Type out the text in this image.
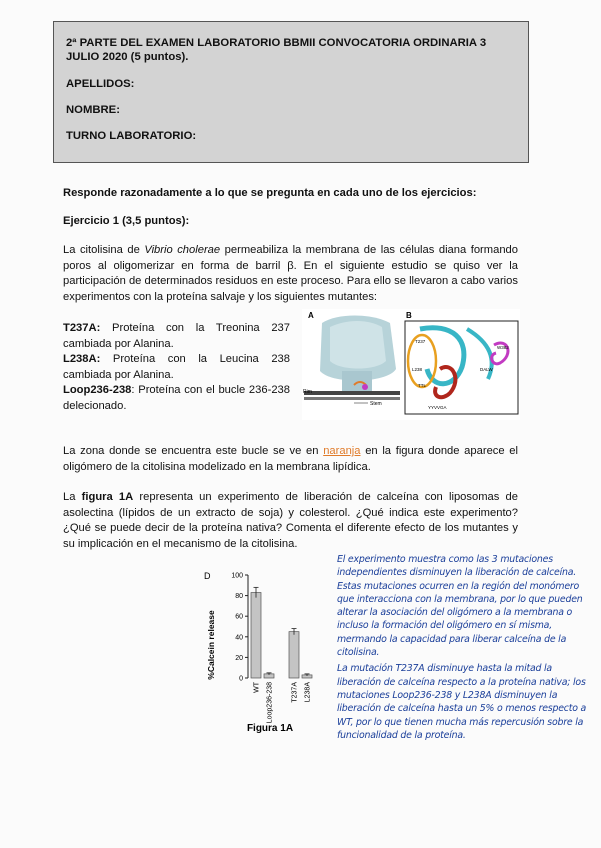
2ª PARTE DEL EXAMEN LABORATORIO BBMII CONVOCATORIA ORDINARIA 3 JULIO 2020 (5 puntos).
APELLIDOS:
NOMBRE:
TURNO LABORATORIO:
Responde razonadamente a lo que se pregunta en cada uno de los ejercicios:
Ejercicio 1 (3,5 puntos):
La citolisina de Vibrio cholerae permeabiliza la membrana de las células diana formando poros al oligomerizar en forma de barril β. En el siguiente estudio se quiso ver la participación de determinados residuos en este proceso. Para ello se llevaron a cabo varios experimentos con la proteína salvaje y los siguientes mutantes:
T237A: Proteína con la Treonina 237 cambiada por Alanina.
L238A: Proteína con la Leucina 238 cambiada por Alanina.
Loop236-238: Proteína con el bucle 236-238 delecionado.
A	B
Rim
Stem
T237
L238
W382
DALW
TTL
YYVVGA
La zona donde se encuentra este bucle se ve en naranja en la figura donde aparece el oligómero de la citolisina modelizado en la membrana lipídica.
La figura 1A representa un experimento de liberación de calceína con liposomas de asolectina (lípidos de un extracto de soja) y colesterol. ¿Qué indica este experimento? ¿Qué se puede decir de la proteína nativa? Comenta el diferente efecto de los mutantes y su implicación en el mecanismo de la citolisina.
D
%Calcein release
Figura 1A
0
20
40
60
80
100
WT Loop236-238	T237A L238A

El experimento muestra como las 3 mutaciones independientes disminuyen la liberación de calceína. Estas mutaciones ocurren en la región del monómero que interacciona con la membrana, por lo que pueden alterar la asociación del oligómero a la membrana o incluso la formación del oligómero en sí misma, mermando la capacidad para liberar calceína de la citolisina.

La mutación T237A disminuye hasta la mitad la liberación de calceína respecto a la proteína nativa; los mutaciones Loop236-238 y L238A disminuyen la liberación de calceína hasta un 5% o menos respecto a WT, por lo que tienen mucha más repercusión sobre la funcionalidad de la proteína.
